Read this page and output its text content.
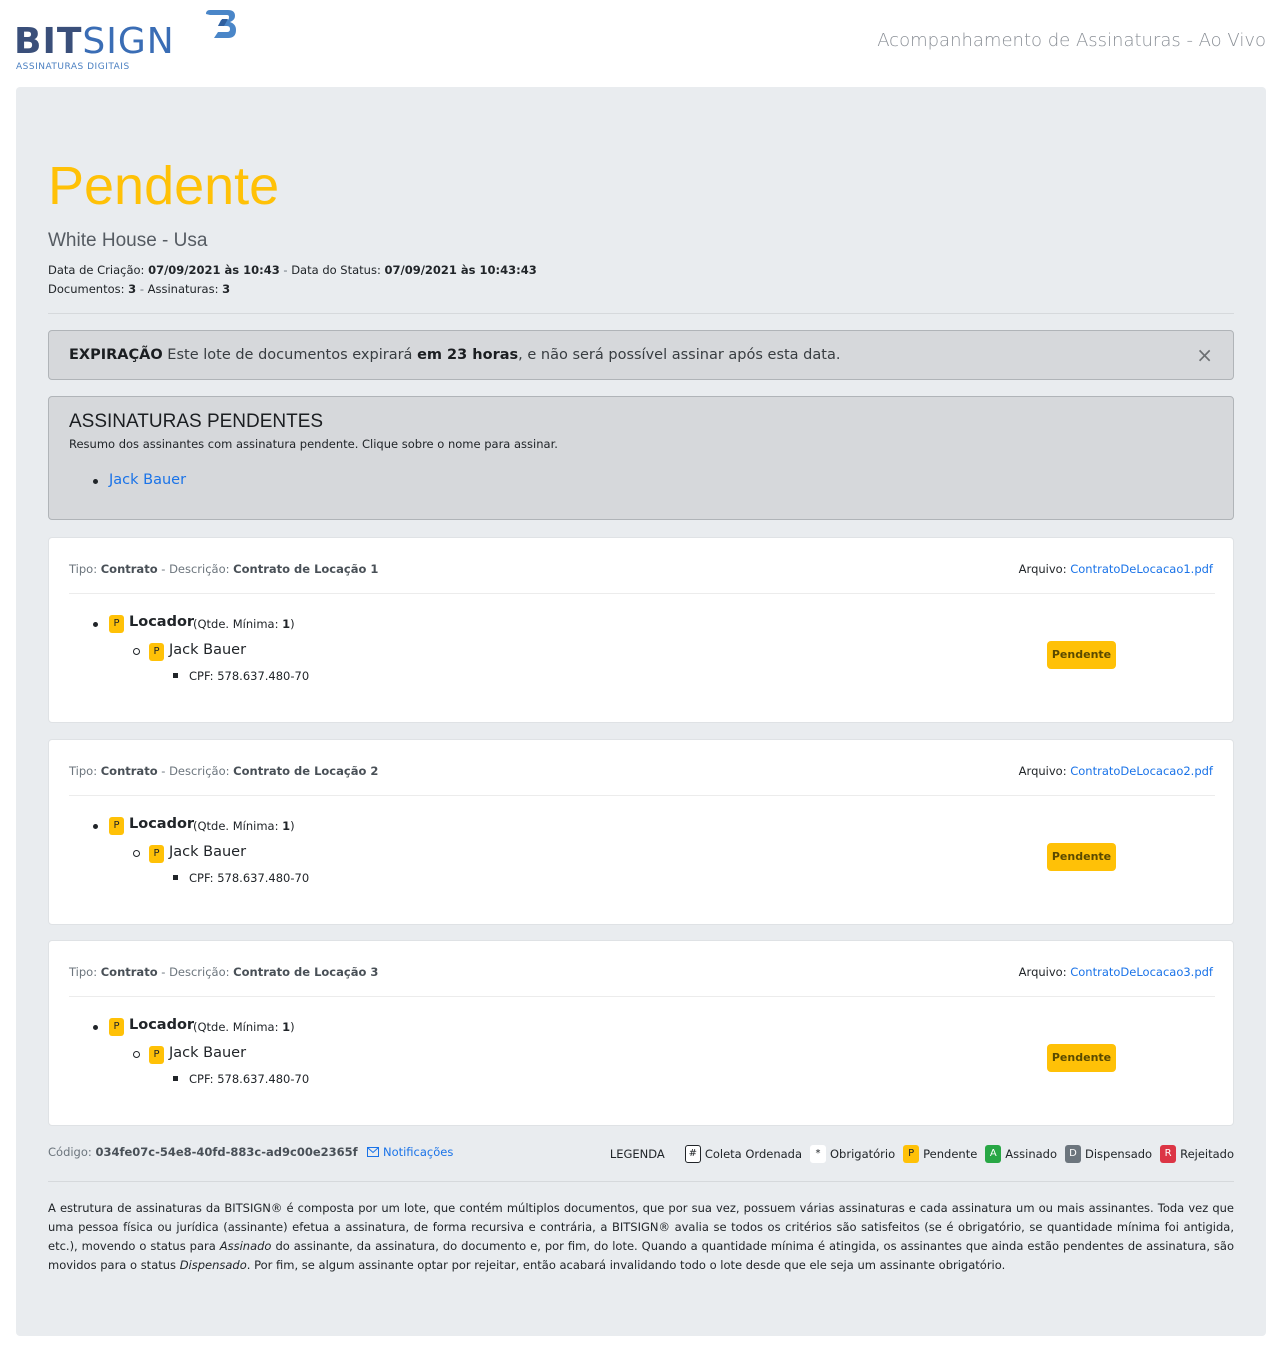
BITSIGN
ASSINATURAS DIGITAIS
Acompanhamento de Assinaturas - Ao Vivo
Pendente
White House - Usa
Data de Criação: 07/09/2021 às 10:43 - Data do Status: 07/09/2021 às 10:43:43
Documentos: 3 - Assinaturas: 3
EXPIRAÇÃO Este lote de documentos expirará em 23 horas, e não será possível assinar após esta data.	×
ASSINATURAS PENDENTES
Resumo dos assinantes com assinatura pendente. Clique sobre o nome para assinar.
Jack Bauer
Tipo: Contrato - Descrição: Contrato de Locação 1	Arquivo: ContratoDeLocacao1.pdf
P Locador
(Qtde. Mínima: 1)
P Jack Bauer
CPF: 578.637.480-70
Pendente
Tipo: Contrato - Descrição: Contrato de Locação 2	Arquivo: ContratoDeLocacao2.pdf
P Locador
(Qtde. Mínima: 1)
P Jack Bauer
CPF: 578.637.480-70
Pendente
Tipo: Contrato - Descrição: Contrato de Locação 3	Arquivo: ContratoDeLocacao3.pdf
P Locador
(Qtde. Mínima: 1)
P Jack Bauer
CPF: 578.637.480-70
Pendente
Código: 034fe07c-54e8-40fd-883c-ad9c00e2365f Notificações	LEGENDA	# Coleta Ordenada	* Obrigatório	P Pendente	A Assinado	D Dispensado	R Rejeitado
A estrutura de assinaturas da BITSIGN® é composta por um lote, que contém múltiplos documentos, que por sua vez, possuem várias assinaturas e cada assinatura um ou mais assinantes. Toda vez que uma pessoa física ou jurídica (assinante) efetua a assinatura, de forma recursiva e contrária, a BITSIGN® avalia se todos os critérios são satisfeitos (se é obrigatório, se quantidade mínima foi antigida, etc.), movendo o status para Assinado do assinante, da assinatura, do documento e, por fim, do lote. Quando a quantidade mínima é atingida, os assinantes que ainda estão pendentes de assinatura, são movidos para o status Dispensado. Por fim, se algum assinante optar por rejeitar, então acabará invalidando todo o lote desde que ele seja um assinante obrigatório.
